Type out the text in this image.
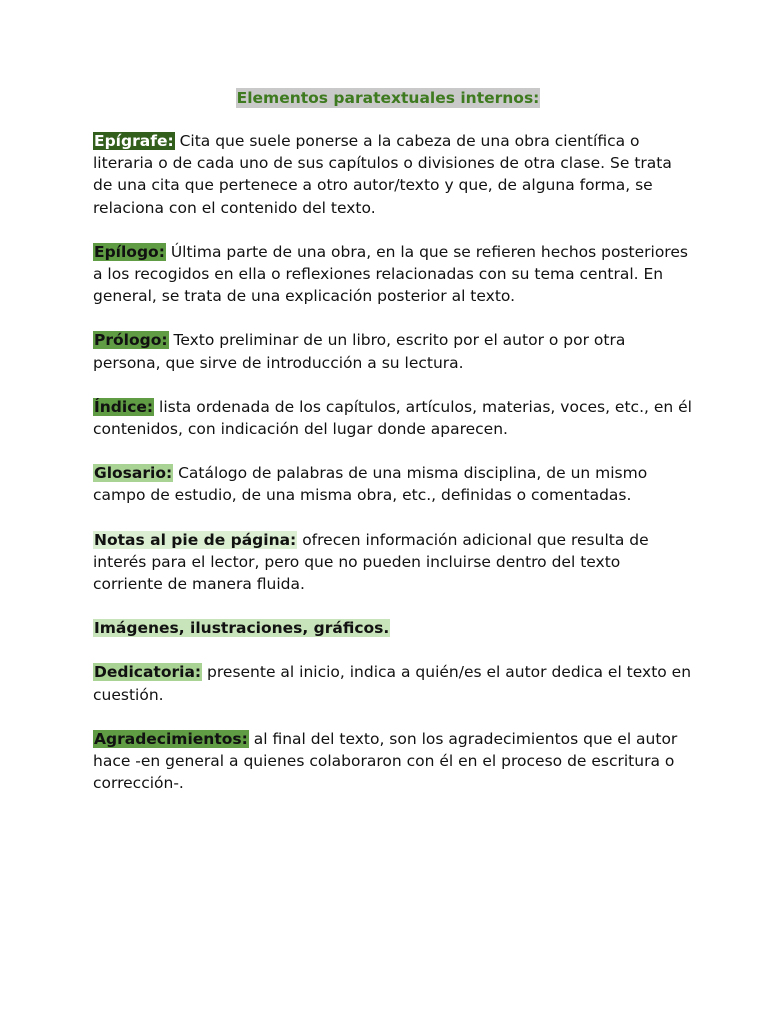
Elementos paratextuales internos:

Epígrafe: Cita que suele ponerse a la cabeza de una obra científica o literaria o de cada uno de sus capítulos o divisiones de otra clase. Se trata de una cita que pertenece a otro autor/texto y que, de alguna forma, se relaciona con el contenido del texto.

Epílogo: Última parte de una obra, en la que se refieren hechos posteriores a los recogidos en ella o reflexiones relacionadas con su tema central. En general, se trata de una explicación posterior al texto.

Prólogo: Texto preliminar de un libro, escrito por el autor o por otra persona, que sirve de introducción a su lectura.

Índice: lista ordenada de los capítulos, artículos, materias, voces, etc., en él contenidos, con indicación del lugar donde aparecen.

Glosario: Catálogo de palabras de una misma disciplina, de un mismo campo de estudio, de una misma obra, etc., definidas o comentadas.

Notas al pie de página: ofrecen información adicional que resulta de interés para el lector, pero que no pueden incluirse dentro del texto corriente de manera fluida.

Imágenes, ilustraciones, gráficos.

Dedicatoria: presente al inicio, indica a quién/es el autor dedica el texto en cuestión.

Agradecimientos: al final del texto, son los agradecimientos que el autor hace -en general a quienes colaboraron con él en el proceso de escritura o corrección-.
